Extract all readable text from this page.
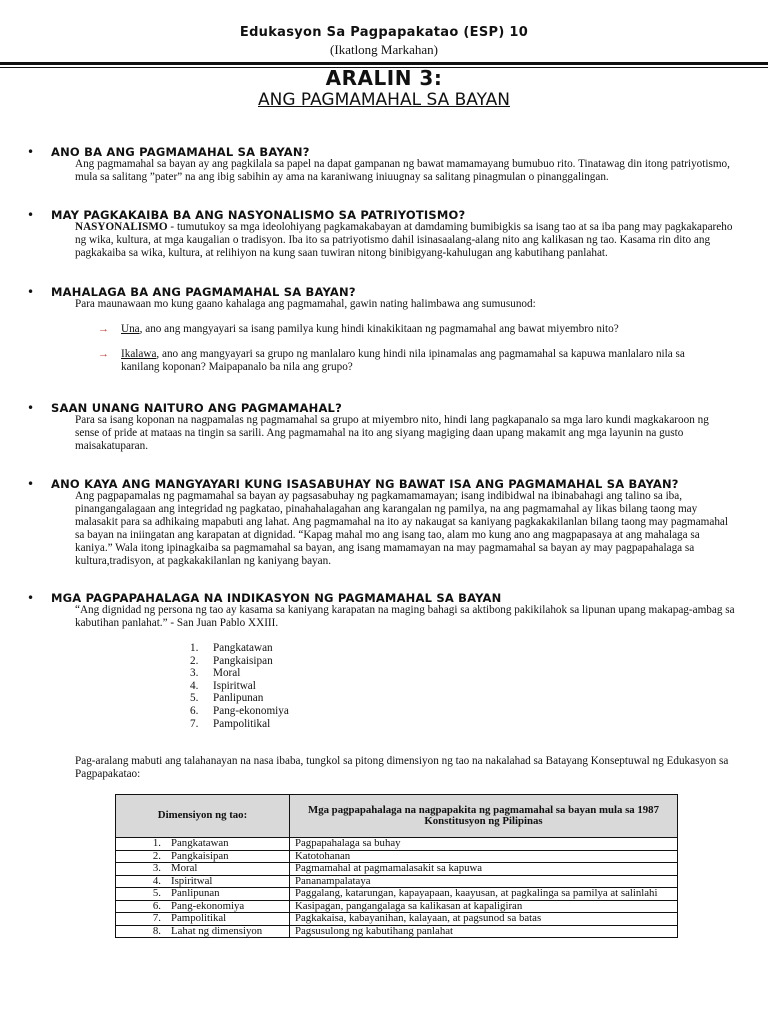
Edukasyon Sa Pagpapakatao (ESP) 10
(Ikatlong Markahan)
ARALIN 3:
ANG PAGMAMAHAL SA BAYAN
• ANO BA ANG PAGMAMAHAL SA BAYAN?
Ang pagmamahal sa bayan ay ang pagkilala sa papel na dapat gampanan ng bawat mamamayang bumubuo rito. Tinatawag din itong patriyotismo, mula sa salitang ”pater” na ang ibig sabihin ay ama na karaniwang iniuugnay sa salitang pinagmulan o pinanggalingan.
• MAY PAGKAKAIBA BA ANG NASYONALISMO SA PATRIYOTISMO?
NASYONALISMO - tumutukoy sa mga ideolohiyang pagkamakabayan at damdaming bumibigkis sa isang tao at sa iba pang may pagkakapareho​ng wika, kultura, at mga kaugalian o tradisyon. Iba ito sa patriyotismo dahil isinasaalang-alang nito ang kalikasan ng tao. Kasama rin dito ang pagkakaiba sa wika, kultura, at relihiyon na kung saan tuwiran nitong binibigyang-kahulugan ang kabutihang panlahat.
• MAHALAGA BA ANG PAGMAMAHAL SA BAYAN?
Para maunawaan mo kung gaano kahalaga ang pagmamahal, gawin nating halimbawa ang sumusunod:
→ Una, ano ang mangyayari sa isang pamilya kung hindi kinakikitaan ng pagmamahal ang bawat miyembro nito?
→ Ikalawa, ano ang mangyayari sa grupo ng manlalaro kung hindi nila ipinamalas ang pagmamahal sa kapuwa manlalaro nila sa kanilang koponan? Maipapanalo ba nila ang grupo?
• SAAN UNANG NAITURO ANG PAGMAMAHAL?
Para sa isang koponan na nagpamalas ng pagmamahal sa grupo at miyembro nito, hindi lang pagkapanalo sa mga laro kundi magkakaroon ng sense of pride at mataas na tingin sa sarili. Ang pagmamahal na ito ang siyang magiging daan upang makamit ang mga layunin na gusto maisakatuparan.
• ANO KAYA ANG MANGYAYARI KUNG ISASABUHAY NG BAWAT ISA ANG PAGMAMAHAL SA BAYAN?
Ang pagpapamalas ng pagmamahal sa bayan ay pagsasabuhay ng pagkamamamayan; isang indibidwal na ibinabahagi ang talino sa iba, pinangangalagaan ang integridad ng pagkatao, pinahahalagahan ang karangalan ng pamilya, na ang pagmamahal ay likas bilang taong may malasakit para sa adhikaing mapabuti ang lahat. Ang pagmamahal na ito ay nakaugat sa kaniyang pagkakakilanlan bilang taong may pagmamahal sa bayan na iniingatan ang karapatan at dignidad. “Kapag mahal mo ang isang tao, alam mo kung ano ang magpapasaya at ang mahalaga sa kaniya.” Wala itong ipinagkaiba sa pagmamahal sa bayan, ang isang mamamayan na may pagmamahal sa bayan ay may pagpapahalaga sa kultura,tradisyon, at pagkakakilanlan ng kaniyang bayan.
• MGA PAGPAPAHALAGA NA INDIKASYON NG PAGMAMAHAL SA BAYAN
“Ang dignidad ng persona ng tao ay kasama sa kaniyang karapatan na maging bahagi sa aktibong pakikilahok sa lipunan upang makapag-ambag sa kabutihan panlahat.” - San Juan Pablo XXIII.
1.	Pangkatawan
2.	Pangkaisipan
3.	Moral
4.	Ispiritwal
5.	Panlipunan
6.	Pang-ekonomiya
7.	Pampolitikal
Pag-aralang mabuti ang talahanayan na nasa ibaba, tungkol sa pitong dimensiyon ng tao na nakalahad sa Batayang Konseptuwal ng Edukasyon sa Pagpapakatao:
Dimensiyon ng tao:	Mga pagpapahalaga na nagpapakita ng pagmamahal sa bayan mula sa 1987 Konstitusyon ng Pilipinas
1. Pangkatawan	Pagpapahalaga sa buhay
2. Pangkaisipan	Katotohanan
3. Moral	Pagmamahal at pagmamalasakit sa kapuwa
4. Ispiritwal	Pananampalataya
5. Panlipunan	Paggalang, katarungan, kapayapaan, kaayusan, at pagkalinga sa pamilya at salinlahi
6. Pang-ekonomiya	Kasipagan, pangangalaga sa kalikasan at kapaligiran
7. Pampolitikal	Pagkakaisa, kabayanihan, kalayaan, at pagsunod sa batas
8. Lahat ng dimensiyon	Pagsusulong ng kabutihang panlahat
